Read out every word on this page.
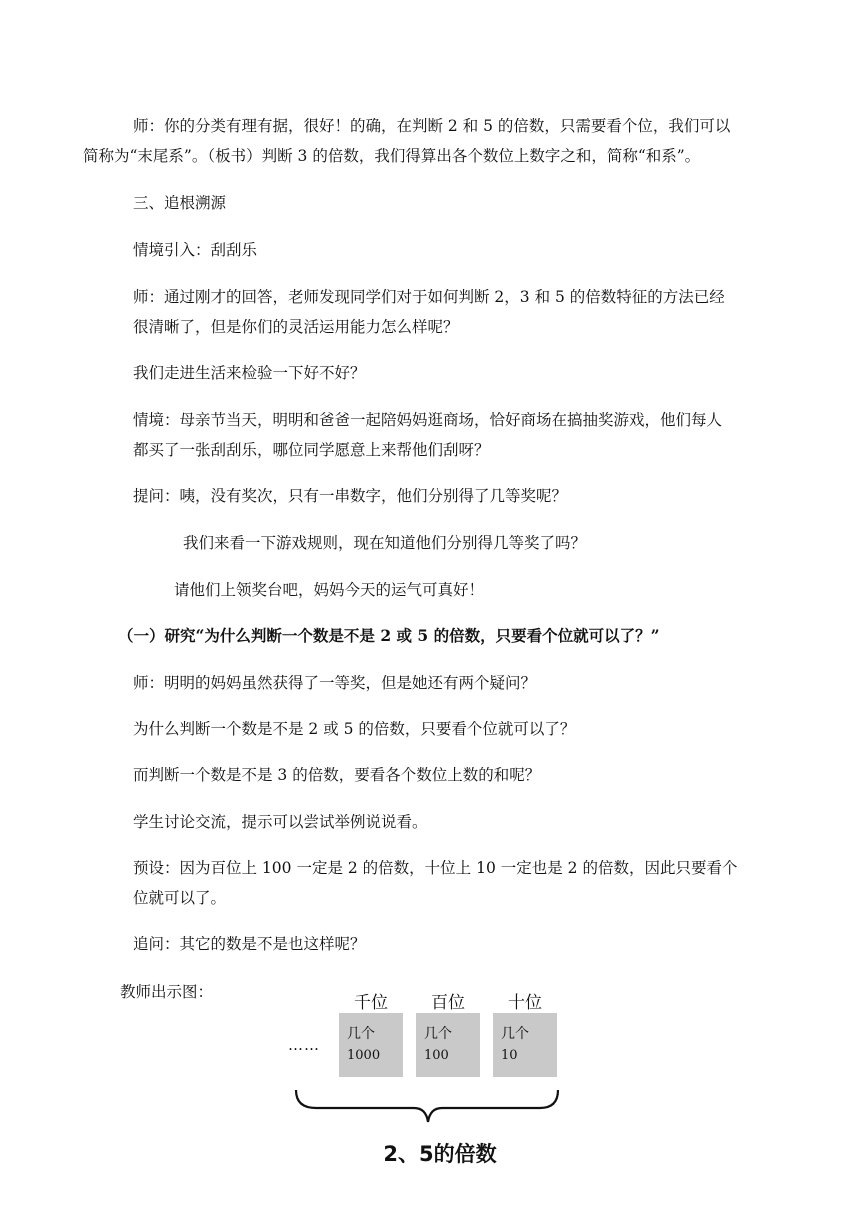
师：你的分类有理有据，很好！的确，在判断 2 和 5 的倍数，只需要看个位，我们可以
简称为“末尾系”。（板书）判断 3 的倍数，我们得算出各个数位上数字之和，简称“和系”。
三、追根溯源
情境引入：刮刮乐
师：通过刚才的回答，老师发现同学们对于如何判断 2，3 和 5 的倍数特征的方法已经
很清晰了，但是你们的灵活运用能力怎么样呢？
我们走进生活来检验一下好不好？
情境：母亲节当天，明明和爸爸一起陪妈妈逛商场，恰好商场在搞抽奖游戏，他们每人
都买了一张刮刮乐，哪位同学愿意上来帮他们刮呀？
提问：咦，没有奖次，只有一串数字，他们分别得了几等奖呢？
我们来看一下游戏规则，现在知道他们分别得几等奖了吗？
请他们上领奖台吧，妈妈今天的运气可真好！
（一）研究“为什么判断一个数是不是 2 或 5 的倍数，只要看个位就可以了？”
师：明明的妈妈虽然获得了一等奖，但是她还有两个疑问？
为什么判断一个数是不是 2 或 5 的倍数，只要看个位就可以了？
而判断一个数是不是 3 的倍数，要看各个数位上数的和呢？
学生讨论交流，提示可以尝试举例说说看。
预设：因为百位上 100 一定是 2 的倍数，十位上 10 一定也是 2 的倍数，因此只要看个
位就可以了。
追问：其它的数是不是也这样呢？
教师出示图：
千位	百位	十位
……
几个
1000
几个
100
几个
10
2、5的倍数
